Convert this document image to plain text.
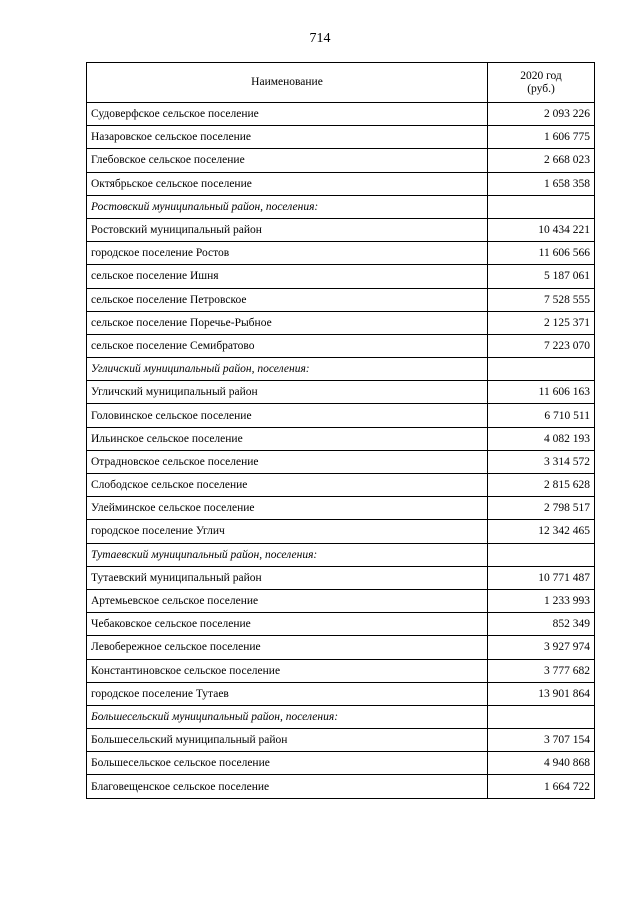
714
Наименование	2020 год
(руб.)
Судоверфское сельское поселение	2 093 226
Назаровское сельское поселение	1 606 775
Глебовское сельское поселение	2 668 023
Октябрьское сельское поселение	1 658 358
Ростовский муниципальный район, поселения:	
Ростовский муниципальный район	10 434 221
городское поселение Ростов	11 606 566
сельское поселение Ишня	5 187 061
сельское поселение Петровское	7 528 555
сельское поселение Поречье-Рыбное	2 125 371
сельское поселение Семибратово	7 223 070
Угличский муниципальный район, поселения:	
Угличский муниципальный район	11 606 163
Головинское сельское поселение	6 710 511
Ильинское сельское поселение	4 082 193
Отрадновское сельское поселение	3 314 572
Слободское сельское поселение	2 815 628
Улейминское сельское поселение	2 798 517
городское поселение Углич	12 342 465
Тутаевский муниципальный район, поселения:	
Тутаевский муниципальный район	10 771 487
Артемьевское сельское поселение	1 233 993
Чебаковское сельское поселение	852 349
Левобережное сельское поселение	3 927 974
Константиновское сельское поселение	3 777 682
городское поселение Тутаев	13 901 864
Большесельский муниципальный район, поселения:	
Большесельский муниципальный район	3 707 154
Большесельское сельское поселение	4 940 868
Благовещенское сельское поселение	1 664 722
